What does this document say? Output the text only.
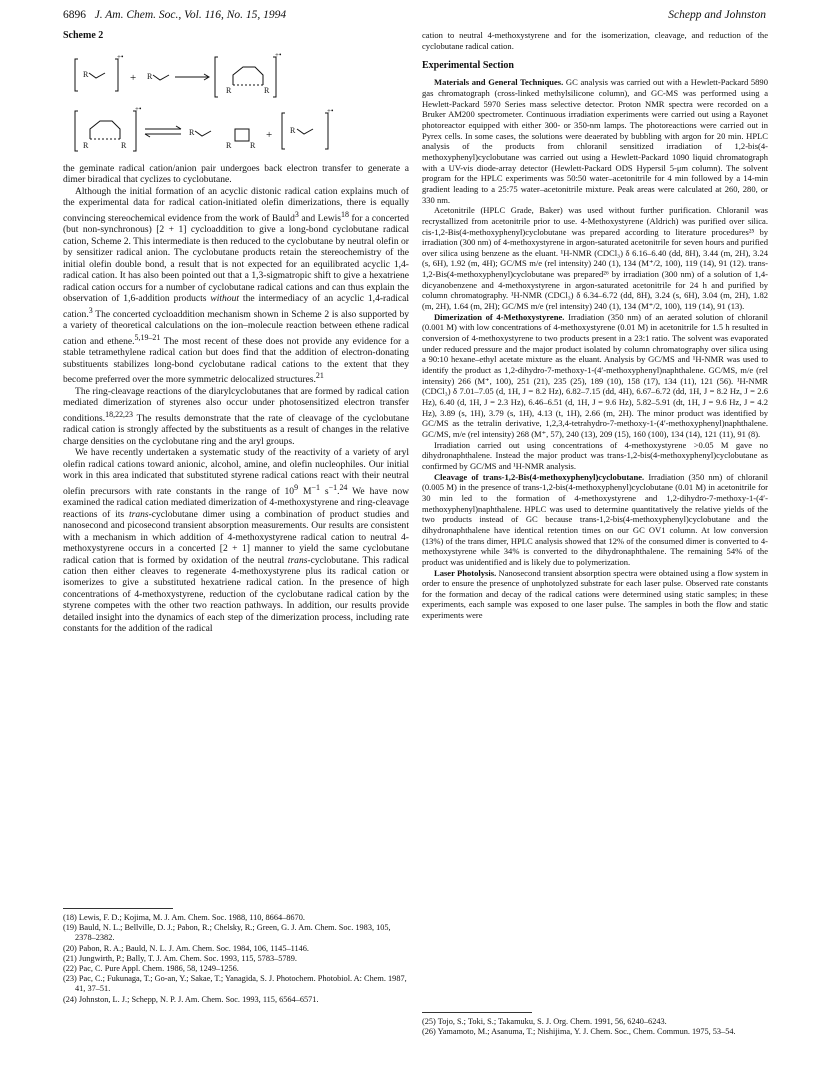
6896 J. Am. Chem. Soc., Vol. 116, No. 15, 1994	Schepp and Johnston
Scheme 2
R
+•
+ R
R	R
+•
R	R
+•
R
R R
+ R
+•

the geminate radical cation/anion pair undergoes back electron transfer to generate a dimer biradical that cyclizes to cyclobutane.

Although the initial formation of an acyclic distonic radical cation explains much of the experimental data for radical cation-initiated olefin dimerizations, there is equally convincing stereochemical evidence from the work of Bauld$^3$ and Lewis$^{18}$ for a concerted (but non-synchronous) [2 + 1] cycloaddition to give a long-bond cyclobutane radical cation, Scheme 2. This intermediate is then reduced to the cyclobutane by neutral olefin or by sensitizer radical anion. The cyclobutane products retain the stereochemistry of the initial olefin double bond, a result that is not expected for an equilibrated acyclic 1,4-radical cation. It has also been pointed out that a 1,3-sigmatropic shift to give a hexatriene radical cation occurs for a number of cyclobutane radical cations and can thus explain the observation of 1,6-addition products without the intermediacy of an acyclic 1,4-radical cation.$^3$ The concerted cycloaddition mechanism shown in Scheme 2 is also supported by a variety of theoretical calculations on the ion–molecule reaction between ethene radical cation and ethene.$^{5,19-21}$ The most recent of these does not provide any evidence for a stable tetramethylene radical cation but does find that the addition of electron-donating substituents stabilizes long-bond cyclobutane radical cations to the extent that they become preferred over the more symmetric delocalized structures.$^{21}$

The ring-cleavage reactions of the diarylcyclobutanes that are formed by radical cation mediated dimerization of styrenes also occur under photosensitized electron transfer conditions.$^{18,22,23}$ The results demonstrate that the rate of cleavage of the cyclobutane radical cation is strongly affected by the substituents as a result of changes in the relative charge densities on the cyclobutane ring and the aryl groups.

We have recently undertaken a systematic study of the reactivity of a variety of aryl olefin radical cations toward anionic, alcohol, amine, and olefin nucleophiles. Our initial work in this area indicated that substituted styrene radical cations react with their neutral olefin precursors with rate constants in the range of $10^9$ $M^{-1}$ $s^{-1}.^{24}$ We have now examined the radical cation mediated dimerization of 4-methoxystyrene and ring-cleavage reactions of its trans-cyclobutane dimer using a combination of product studies and nanosecond and picosecond transient absorption measurements. Our results are consistent with a mechanism in which addition of 4-methoxystyrene radical cation to neutral 4-methoxystyrene occurs in a concerted [2 + 1] manner to yield the same cyclobutane radical cation that is formed by oxidation of the neutral trans-cyclobutane. This radical cation then either cleaves to regenerate 4-methoxystyrene plus its radical cation or isomerizes to give a substituted hexatriene radical cation. In the presence of high concentrations of 4-methoxystyrene, reduction of the cyclobutane radical cation by the styrene competes with the other two reaction pathways. In addition, our results provide detailed insight into the dynamics of each step of the dimerization process, including rate constants for the addition of the radical

(18) Lewis, F. D.; Kojima, M. J. Am. Chem. Soc. 1988, 110, 8664–8670.

(19) Bauld, N. L.; Bellville, D. J.; Pabon, R.; Chelsky, R.; Green, G. J. Am. Chem. Soc. 1983, 105, 2378–2382.

(20) Pabon, R. A.; Bauld, N. L. J. Am. Chem. Soc. 1984, 106, 1145–1146.

(21) Jungwirth, P.; Bally, T. J. Am. Chem. Soc. 1993, 115, 5783–5789.

(22) Pac, C. Pure Appl. Chem. 1986, 58, 1249–1256.

(23) Pac, C.; Fukunaga, T.; Go-an, Y.; Sakae, T.; Yanagida, S. J. Photochem. Photobiol. A: Chem. 1987, 41, 37–51.

(24) Johnston, L. J.; Schepp, N. P. J. Am. Chem. Soc. 1993, 115, 6564–6571.

cation to neutral 4-methoxystyrene and for the isomerization, cleavage, and reduction of the cyclobutane radical cation.

Experimental Section

Materials and General Techniques. GC analysis was carried out with a Hewlett-Packard 5890 gas chromatograph (cross-linked methylsilicone column), and GC-MS was performed using a Hewlett-Packard 5970 Series mass selective detector. Proton NMR spectra were recorded on a Bruker AM200 spectrometer. Continuous irradiation experiments were carried out using a Rayonet photoreactor equipped with either 300- or 350-nm lamps. The photoreactions were carried out in Pyrex cells. In some cases, the solutions were deaerated by bubbling with argon for 20 min. HPLC analysis of the products from chloranil sensitized irradiation of 1,2-bis(4-methoxyphenyl)cyclobutane was carried out using a Hewlett-Packard 1090 liquid chromatograph with a UV-vis diode-array detector (Hewlett-Packard ODS Hypersil 5-μm column). The solvent program for the HPLC experiments was 50:50 water–acetonitrile for 4 min followed by a 14-min gradient leading to a 25:75 water–acetonitrile mixture. Peak areas were calculated at 260, 280, or 330 nm.

Acetonitrile (HPLC Grade, Baker) was used without further purification. Chloranil was recrystallized from acetonitrile prior to use. 4-Methoxystyrene (Aldrich) was purified over silica. cis-1,2-Bis(4-methoxyphenyl)cyclobutane was prepared according to literature procedures²⁵ by irradiation (300 nm) of 4-methoxystyrene in argon-saturated acetonitrile for seven hours and purified over silica using benzene as the eluant. ¹H-NMR (CDCl₃) δ 6.16–6.40 (dd, 8H), 3.44 (m, 2H), 3.24 (s, 6H), 1.92 (m, 4H); GC/MS m/e (rel intensity) 240 (1), 134 (M⁺/2, 100), 119 (14), 91 (12). trans-1,2-Bis(4-methoxyphenyl)cyclobutane was prepared²⁶ by irradiation (300 nm) of a solution of 1,4-dicyanobenzene and 4-methoxystyrene in argon-saturated acetonitrile for 24 h and purified by column chromatography. ¹H-NMR (CDCl₃) δ 6.34–6.72 (dd, 8H), 3.24 (s, 6H), 3.04 (m, 2H), 1.82 (m, 2H), 1.64 (m, 2H); GC/MS m/e (rel intensity) 240 (1), 134 (M⁺/2, 100), 119 (14), 91 (13).

Dimerization of 4-Methoxystyrene. Irradiation (350 nm) of an aerated solution of chloranil (0.001 M) with low concentrations of 4-methoxystyrene (0.01 M) in acetonitrile for 1.5 h resulted in conversion of 4-methoxystyrene to two products present in a 23:1 ratio. The solvent was evaporated under reduced pressure and the major product isolated by column chromatography over silica using a 90:10 hexane–ethyl acetate mixture as the eluant. Analysis by GC/MS and ¹H-NMR was used to identify the product as 1,2-dihydro-7-methoxy-1-(4′-methoxyphenyl)naphthalene. GC/MS, m/e (rel intensity) 266 (M⁺, 100), 251 (21), 235 (25), 189 (10), 158 (17), 134 (11), 121 (56). ¹H-NMR (CDCl₃) δ 7.01–7.05 (d, 1H, J = 8.2 Hz), 6.82–7.15 (dd, 4H), 6.67–6.72 (dd, 1H, J = 8.2 Hz, J = 2.6 Hz), 6.40 (d, 1H, J = 2.3 Hz), 6.46–6.51 (d, 1H, J = 9.6 Hz), 5.82–5.91 (dt, 1H, J = 9.6 Hz, J = 4.2 Hz), 3.89 (s, 1H), 3.79 (s, 1H), 4.13 (t, 1H), 2.66 (m, 2H). The minor product was identified by GC/MS as the tetralin derivative, 1,2,3,4-tetrahydro-7-methoxy-1-(4′-methoxyphenyl)naphthalene. GC/MS, m/e (rel intensity) 268 (M⁺, 57), 240 (13), 209 (15), 160 (100), 134 (14), 121 (11), 91 (8).

Irradiation carried out using concentrations of 4-methoxystyrene >0.05 M gave no dihydronaphthalene. Instead the major product was trans-1,2-bis(4-methoxyphenyl)cyclobutane as confirmed by GC/MS and ¹H-NMR analysis.

Cleavage of trans-1,2-Bis(4-methoxyphenyl)cyclobutane. Irradiation (350 nm) of chloranil (0.005 M) in the presence of trans-1,2-bis(4-methoxyphenyl)cyclobutane (0.01 M) in acetonitrile for 30 min led to the formation of 4-methoxystyrene and 1,2-dihydro-7-methoxy-1-(4′-methoxyphenyl)naphthalene. HPLC was used to determine quantitatively the relative yields of the two products instead of GC because trans-1,2-bis(4-methoxyphenyl)cyclobutane and the dihydronaphthalene have identical retention times on our GC OV1 column. At low conversion (13%) of the trans dimer, HPLC analysis showed that 12% of the consumed dimer is converted to 4-methoxystyrene while 34% is converted to the dihydronaphthalene. The remaining 54% of the product was unidentified and is likely due to polymerization.

Laser Photolysis. Nanosecond transient absorption spectra were obtained using a flow system in order to ensure the presence of unphotolyzed substrate for each laser pulse. Observed rate constants for the formation and decay of the radical cations were determined using static samples; in these experiments, each sample was exposed to one laser pulse. The samples in both the flow and static experiments were

(25) Tojo, S.; Toki, S.; Takamuku, S. J. Org. Chem. 1991, 56, 6240–6243.

(26) Yamamoto, M.; Asanuma, T.; Nishijima, Y. J. Chem. Soc., Chem. Commun. 1975, 53–54.
